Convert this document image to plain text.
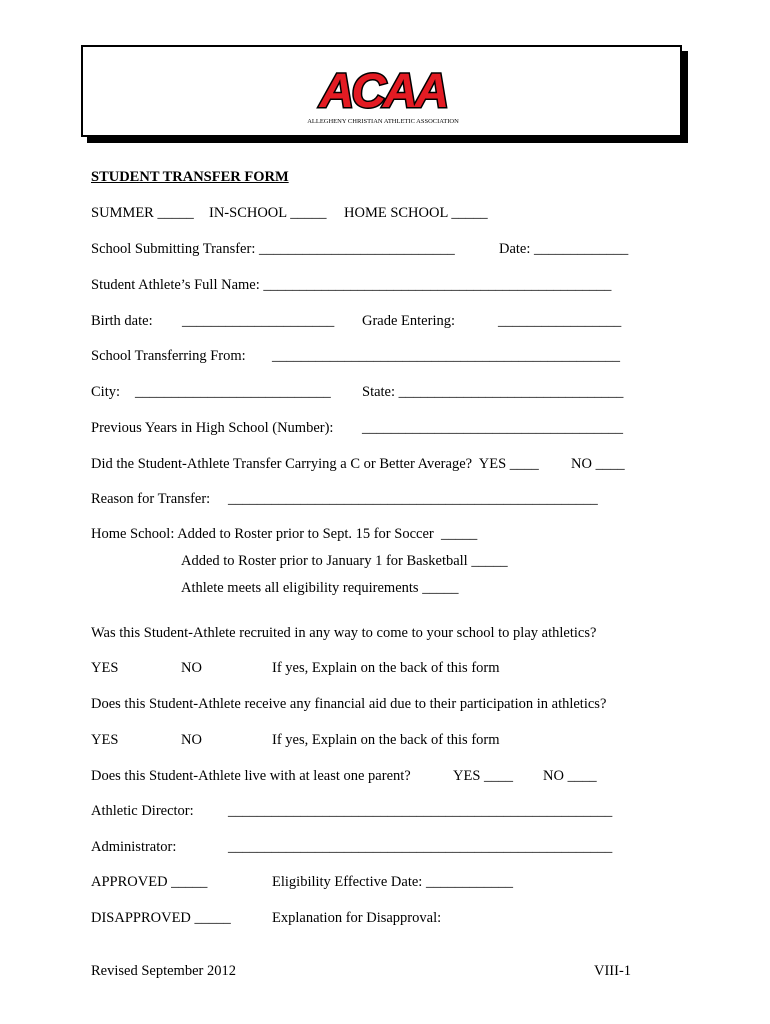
ACAA
ALLEGHENY CHRISTIAN ATHLETIC ASSOCIATION
STUDENT TRANSFER FORM
SUMMER _____ IN-SCHOOL _____ HOME SCHOOL _____
School Submitting Transfer: ___________________________	Date: _____________
Student Athlete’s Full Name: ________________________________________________
Birth date: _____________________ Grade Entering:	_________________
School Transferring From: ________________________________________________
City: ___________________________ State: _______________________________
Previous Years in High School (Number): ____________________________________
Did the Student-Athlete Transfer Carrying a C or Better Average?  YES ____ NO ____
Reason for Transfer: ___________________________________________________
Home School: Added to Roster prior to Sept. 15 for Soccer  _____
Added to Roster prior to January 1 for Basketball _____
Athlete meets all eligibility requirements _____
Was this Student-Athlete recruited in any way to come to your school to play athletics?
YES	NO	If yes, Explain on the back of this form
Does this Student-Athlete receive any financial aid due to their participation in athletics?
YES	NO	If yes, Explain on the back of this form
Does this Student-Athlete live with at least one parent?	YES ____ NO ____
Athletic Director: _____________________________________________________
Administrator:	_____________________________________________________
APPROVED _____	Eligibility Effective Date: ____________
DISAPPROVED _____	Explanation for Disapproval:
Revised September 2012	VIII-1
